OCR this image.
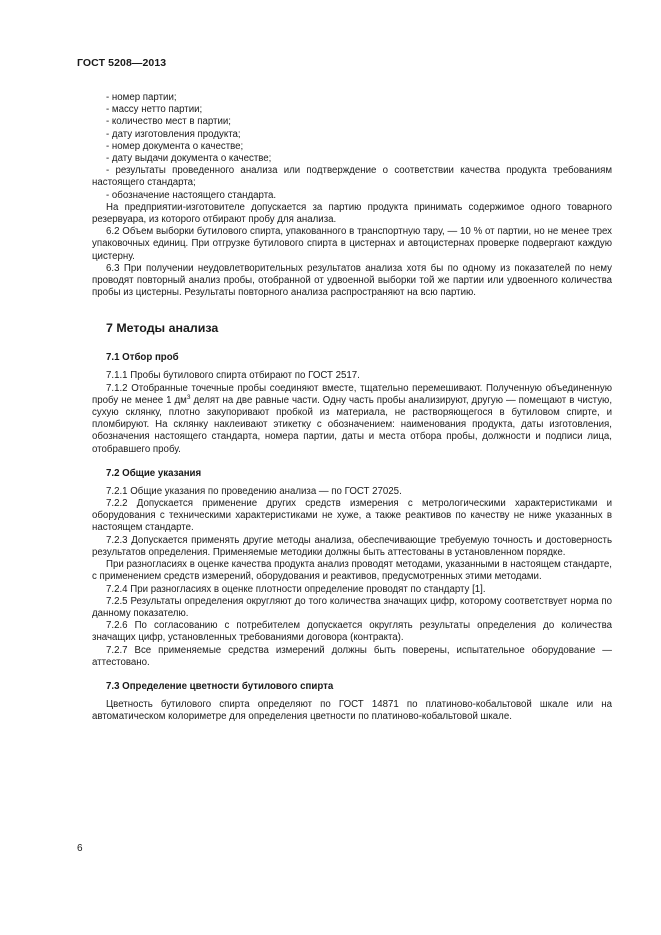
ГОСТ 5208—2013

- номер партии;

- массу нетто партии;

- количество мест в партии;

- дату изготовления продукта;

- номер документа о качестве;

- дату выдачи документа о качестве;

- результаты проведенного анализа или подтверждение о соответствии качества продукта требованиям настоящего стандарта;

- обозначение настоящего стандарта.

На предприятии-изготовителе допускается за партию продукта принимать содержимое одного товарного резервуара, из которого отбирают пробу для анализа.

6.2 Объем выборки бутилового спирта, упакованного в транспортную тару, — 10 % от партии, но не менее трех упаковочных единиц. При отгрузке бутилового спирта в цистернах и автоцистернах проверке подвергают каждую цистерну.

6.3 При получении неудовлетворительных результатов анализа хотя бы по одному из показателей по нему проводят повторный анализ пробы, отобранной от удвоенной выборки той же партии или удвоенного количества пробы из цистерны. Результаты повторного анализа распространяют на всю партию.

7 Методы анализа
7.1 Отбор проб

7.1.1 Пробы бутилового спирта отбирают по ГОСТ 2517.

7.1.2 Отобранные точечные пробы соединяют вместе, тщательно перемешивают. Полученную объединенную пробу не менее 1 $дм^3$ делят на две равные части. Одну часть пробы анализируют, другую — помещают в чистую, сухую склянку, плотно закупоривают пробкой из материала, не растворяющегося в бутиловом спирте, и пломбируют. На склянку наклеивают этикетку с обозначением: наименования продукта, даты изготовления, обозначения настоящего стандарта, номера партии, даты и места отбора пробы, должности и подписи лица, отобравшего пробу.

7.2 Общие указания

7.2.1 Общие указания по проведению анализа — по ГОСТ 27025.

7.2.2 Допускается применение других средств измерения с метрологическими характеристиками и оборудования с техническими характеристиками не хуже, а также реактивов по качеству не ниже указанных в настоящем стандарте.

7.2.3 Допускается применять другие методы анализа, обеспечивающие требуемую точность и достоверность результатов определения. Применяемые методики должны быть аттестованы в установленном порядке.

При разногласиях в оценке качества продукта анализ проводят методами, указанными в настоящем стандарте, с применением средств измерений, оборудования и реактивов, предусмотренных этими методами.

7.2.4 При разногласиях в оценке плотности определение проводят по стандарту [1].

7.2.5 Результаты определения округляют до того количества значащих цифр, которому соответствует норма по данному показателю.

7.2.6 По согласованию с потребителем допускается округлять результаты определения до количества значащих цифр, установленных требованиями договора (контракта).

7.2.7 Все применяемые средства измерений должны быть поверены, испытательное оборудование — аттестовано.

7.3 Определение цветности бутилового спирта

Цветность бутилового спирта определяют по ГОСТ 14871 по платиново-кобальтовой шкале или на автоматическом колориметре для определения цветности по платиново-кобальтовой шкале.

6
